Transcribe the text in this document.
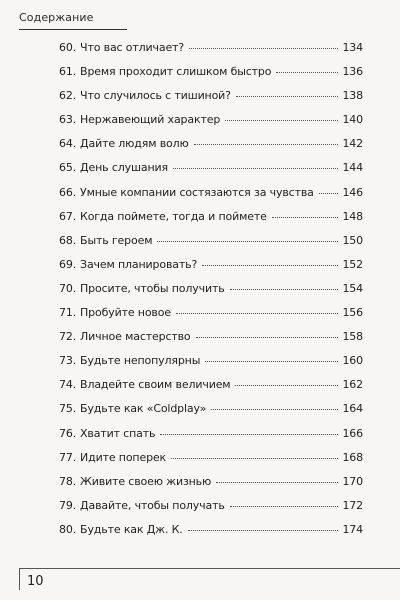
Содержание
60. Что вас отличает?	134
61. Время проходит слишком быстро	136
62. Что случилось с тишиной?	138
63. Нержавеющий характер	140
64. Дайте людям волю	142
65. День слушания	144
66. Умные компании состязаются за чувства	146
67. Когда поймете, тогда и поймете	148
68. Быть героем	150
69. Зачем планировать?	152
70. Просите, чтобы получить	154
71. Пробуйте новое	156
72. Личное мастерство	158
73. Будьте непопулярны	160
74. Владейте своим величием	162
75. Будьте как «Coldplay»	164
76. Хватит спать	166
77. Идите поперек	168
78. Живите своею жизнью	170
79. Давайте, чтобы получать	172
80. Будьте как Дж. К.	174
10
